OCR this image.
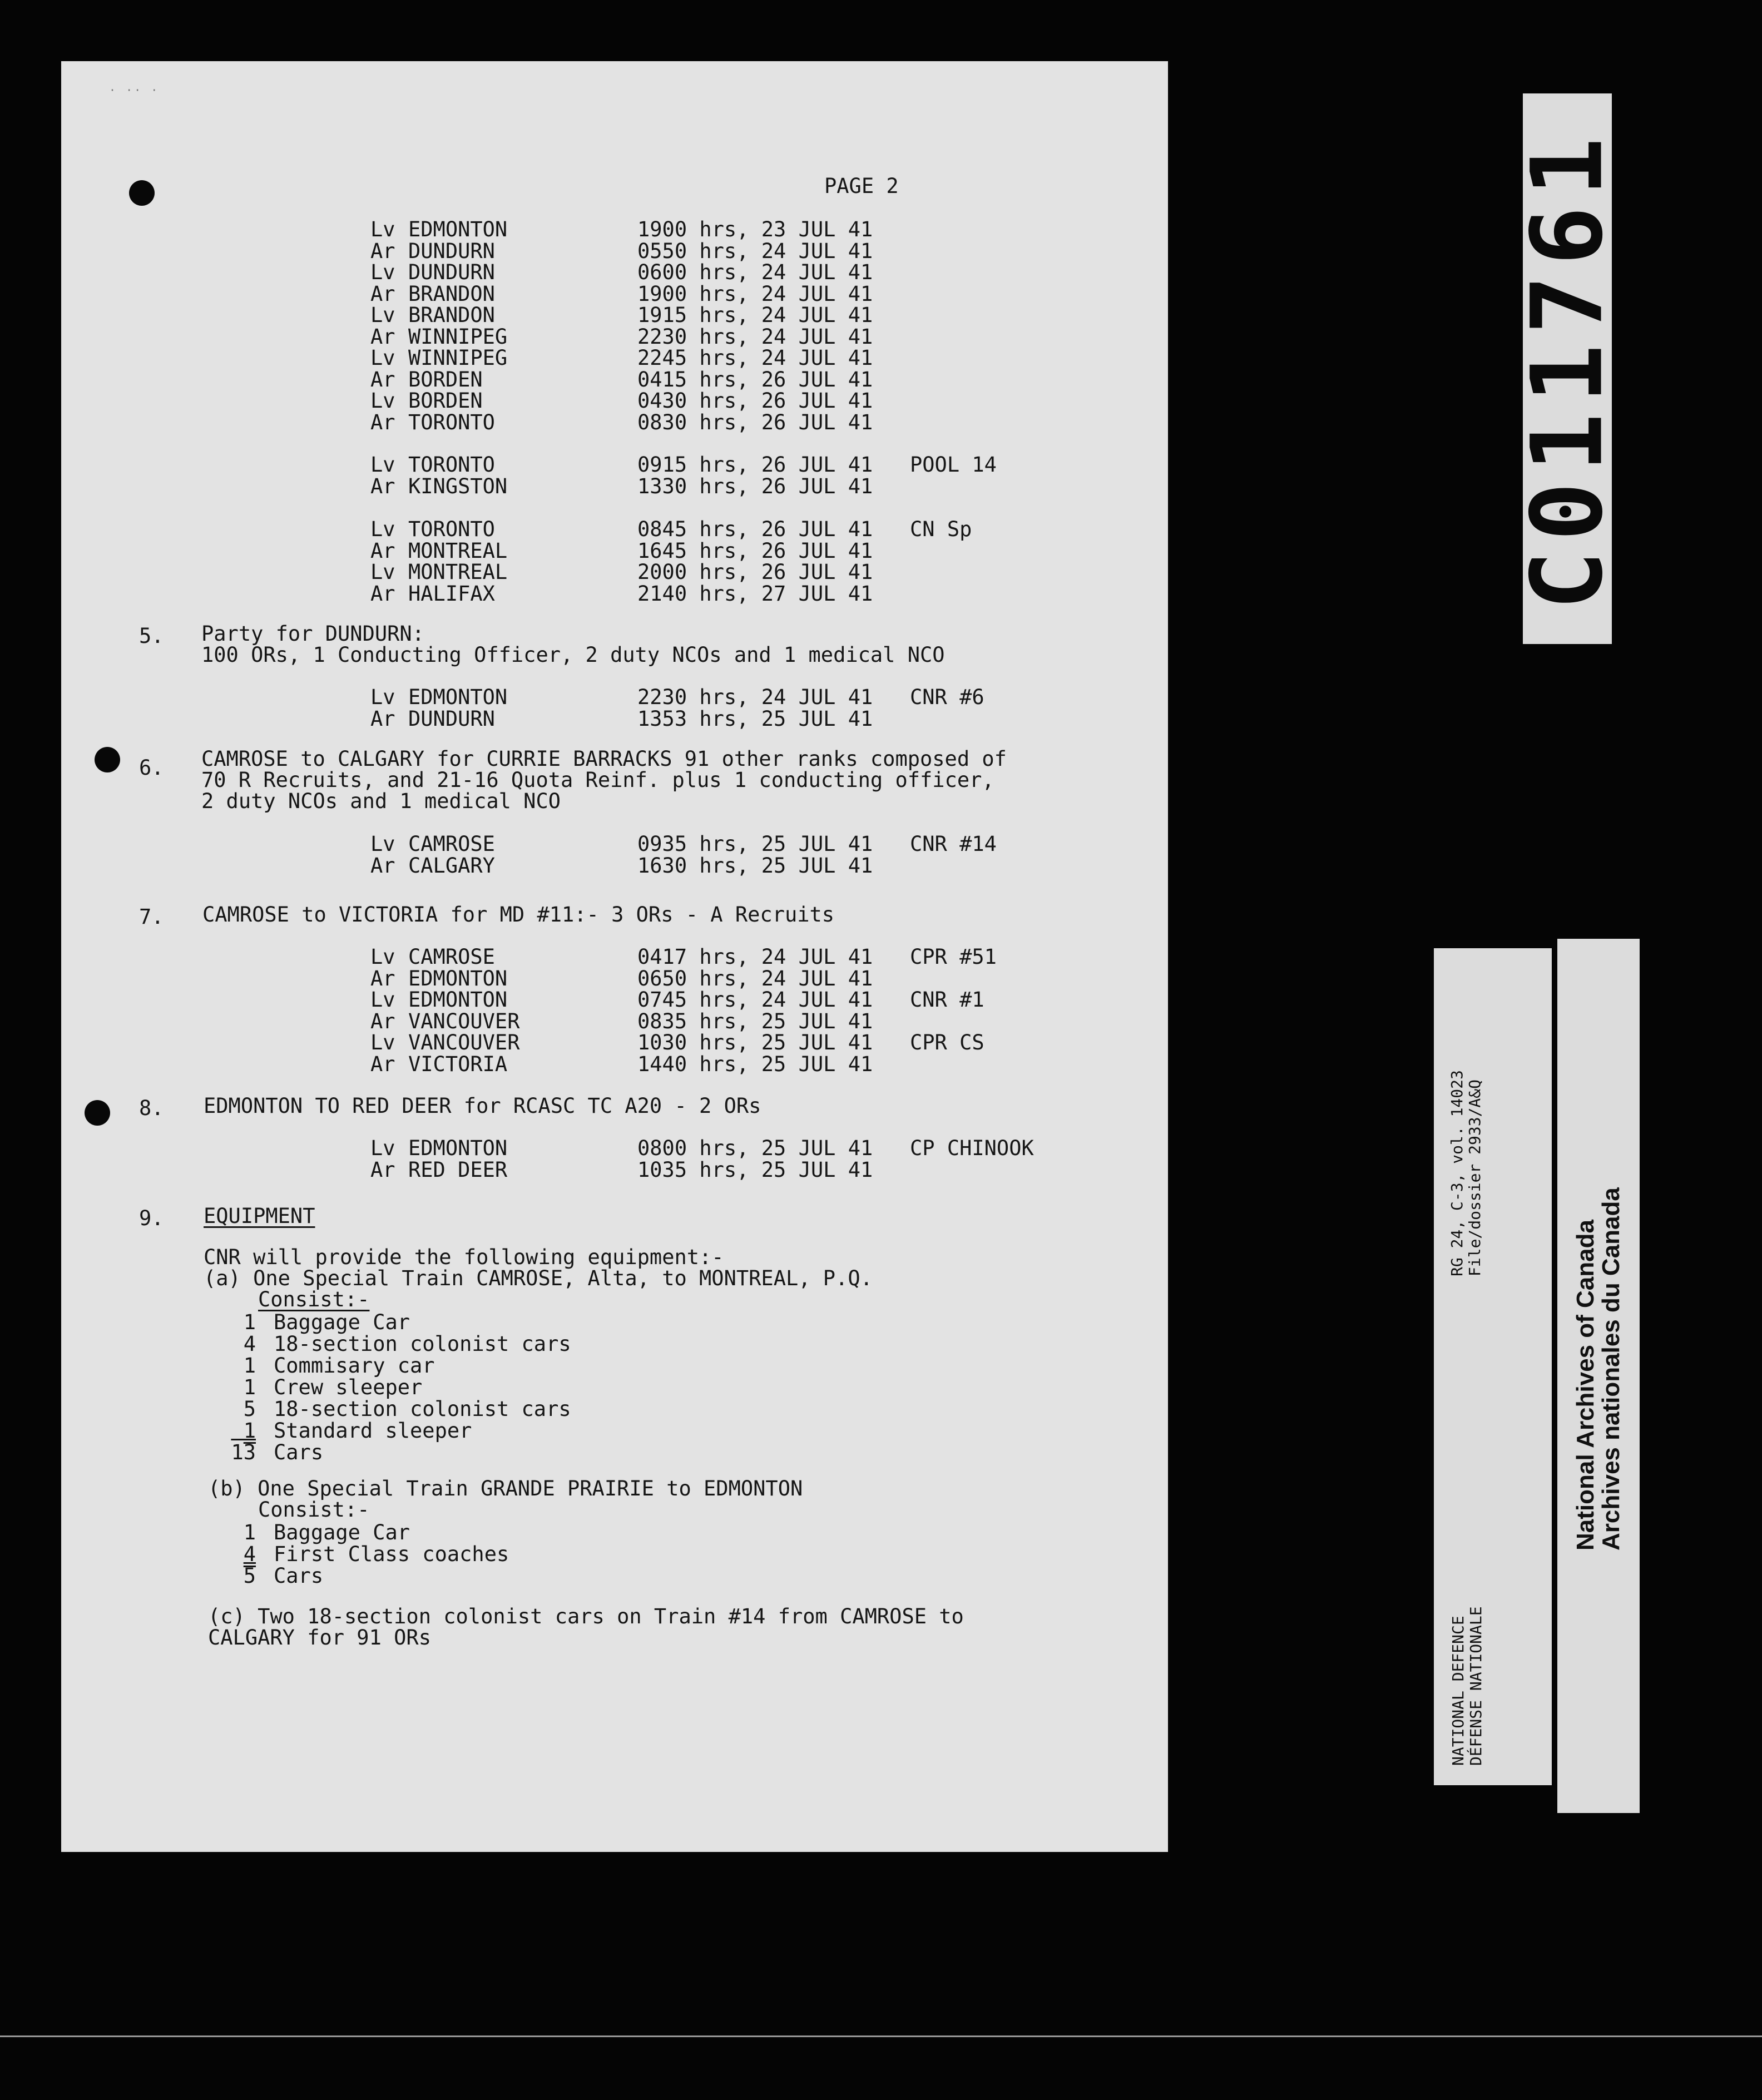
· ·· ·
PAGE 2
Lv EDMONTON	1900 hrs, 23 JUL 41
Ar DUNDURN	0550 hrs, 24 JUL 41
Lv DUNDURN	0600 hrs, 24 JUL 41
Ar BRANDON	1900 hrs, 24 JUL 41
Lv BRANDON	1915 hrs, 24 JUL 41
Ar WINNIPEG	2230 hrs, 24 JUL 41
Lv WINNIPEG	2245 hrs, 24 JUL 41
Ar BORDEN	0415 hrs, 26 JUL 41
Lv BORDEN	0430 hrs, 26 JUL 41
Ar TORONTO	0830 hrs, 26 JUL 41
Lv TORONTO	0915 hrs, 26 JUL 41 POOL 14
Ar KINGSTON	1330 hrs, 26 JUL 41
Lv TORONTO	0845 hrs, 26 JUL 41 CN Sp
Ar MONTREAL	1645 hrs, 26 JUL 41
Lv MONTREAL	2000 hrs, 26 JUL 41
Ar HALIFAX	2140 hrs, 27 JUL 41
5. Party for DUNDURN:
100 ORs, 1 Conducting Officer, 2 duty NCOs and 1 medical NCO
Lv EDMONTON	2230 hrs, 24 JUL 41 CNR #6
Ar DUNDURN	1353 hrs, 25 JUL 41
6. CAMROSE to CALGARY for CURRIE BARRACKS 91 other ranks composed of
70 R Recruits, and 21-16 Quota Reinf. plus 1 conducting officer,
2 duty NCOs and 1 medical NCO
Lv CAMROSE	0935 hrs, 25 JUL 41 CNR #14
Ar CALGARY	1630 hrs, 25 JUL 41
7. CAMROSE to VICTORIA for MD #11:- 3 ORs - A Recruits
Lv CAMROSE	0417 hrs, 24 JUL 41 CPR #51
Ar EDMONTON	0650 hrs, 24 JUL 41
Lv EDMONTON	0745 hrs, 24 JUL 41 CNR #1
Ar VANCOUVER	0835 hrs, 25 JUL 41
Lv VANCOUVER	1030 hrs, 25 JUL 41 CPR CS
Ar VICTORIA	1440 hrs, 25 JUL 41
8. EDMONTON TO RED DEER for RCASC TC A20 - 2 ORs
Lv EDMONTON	0800 hrs, 25 JUL 41 CP CHINOOK
Ar RED DEER	1035 hrs, 25 JUL 41
9. EQUIPMENT
CNR will provide the following equipment:-
(a) One Special Train CAMROSE, Alta, to MONTREAL, P.Q.
Consist:-
1 Baggage Car
4 18-section colonist cars
1 Commisary car
1 Crew sleeper
5 18-section colonist cars
1 Standard sleeper
13 Cars
(b) One Special Train GRANDE PRAIRIE to EDMONTON
Consist:-
1 Baggage Car
4 First Class coaches
5 Cars
(c) Two 18-section colonist cars on Train #14 from CAMROSE to
CALGARY for 91 ORs
C011761
NATIONAL DEFENCE DÉFENSE NATIONALE
RG 24, C-3, vol. 14023 File/dossier 2933/A&Q
National Archives of Canada
Archives nationales du Canada
